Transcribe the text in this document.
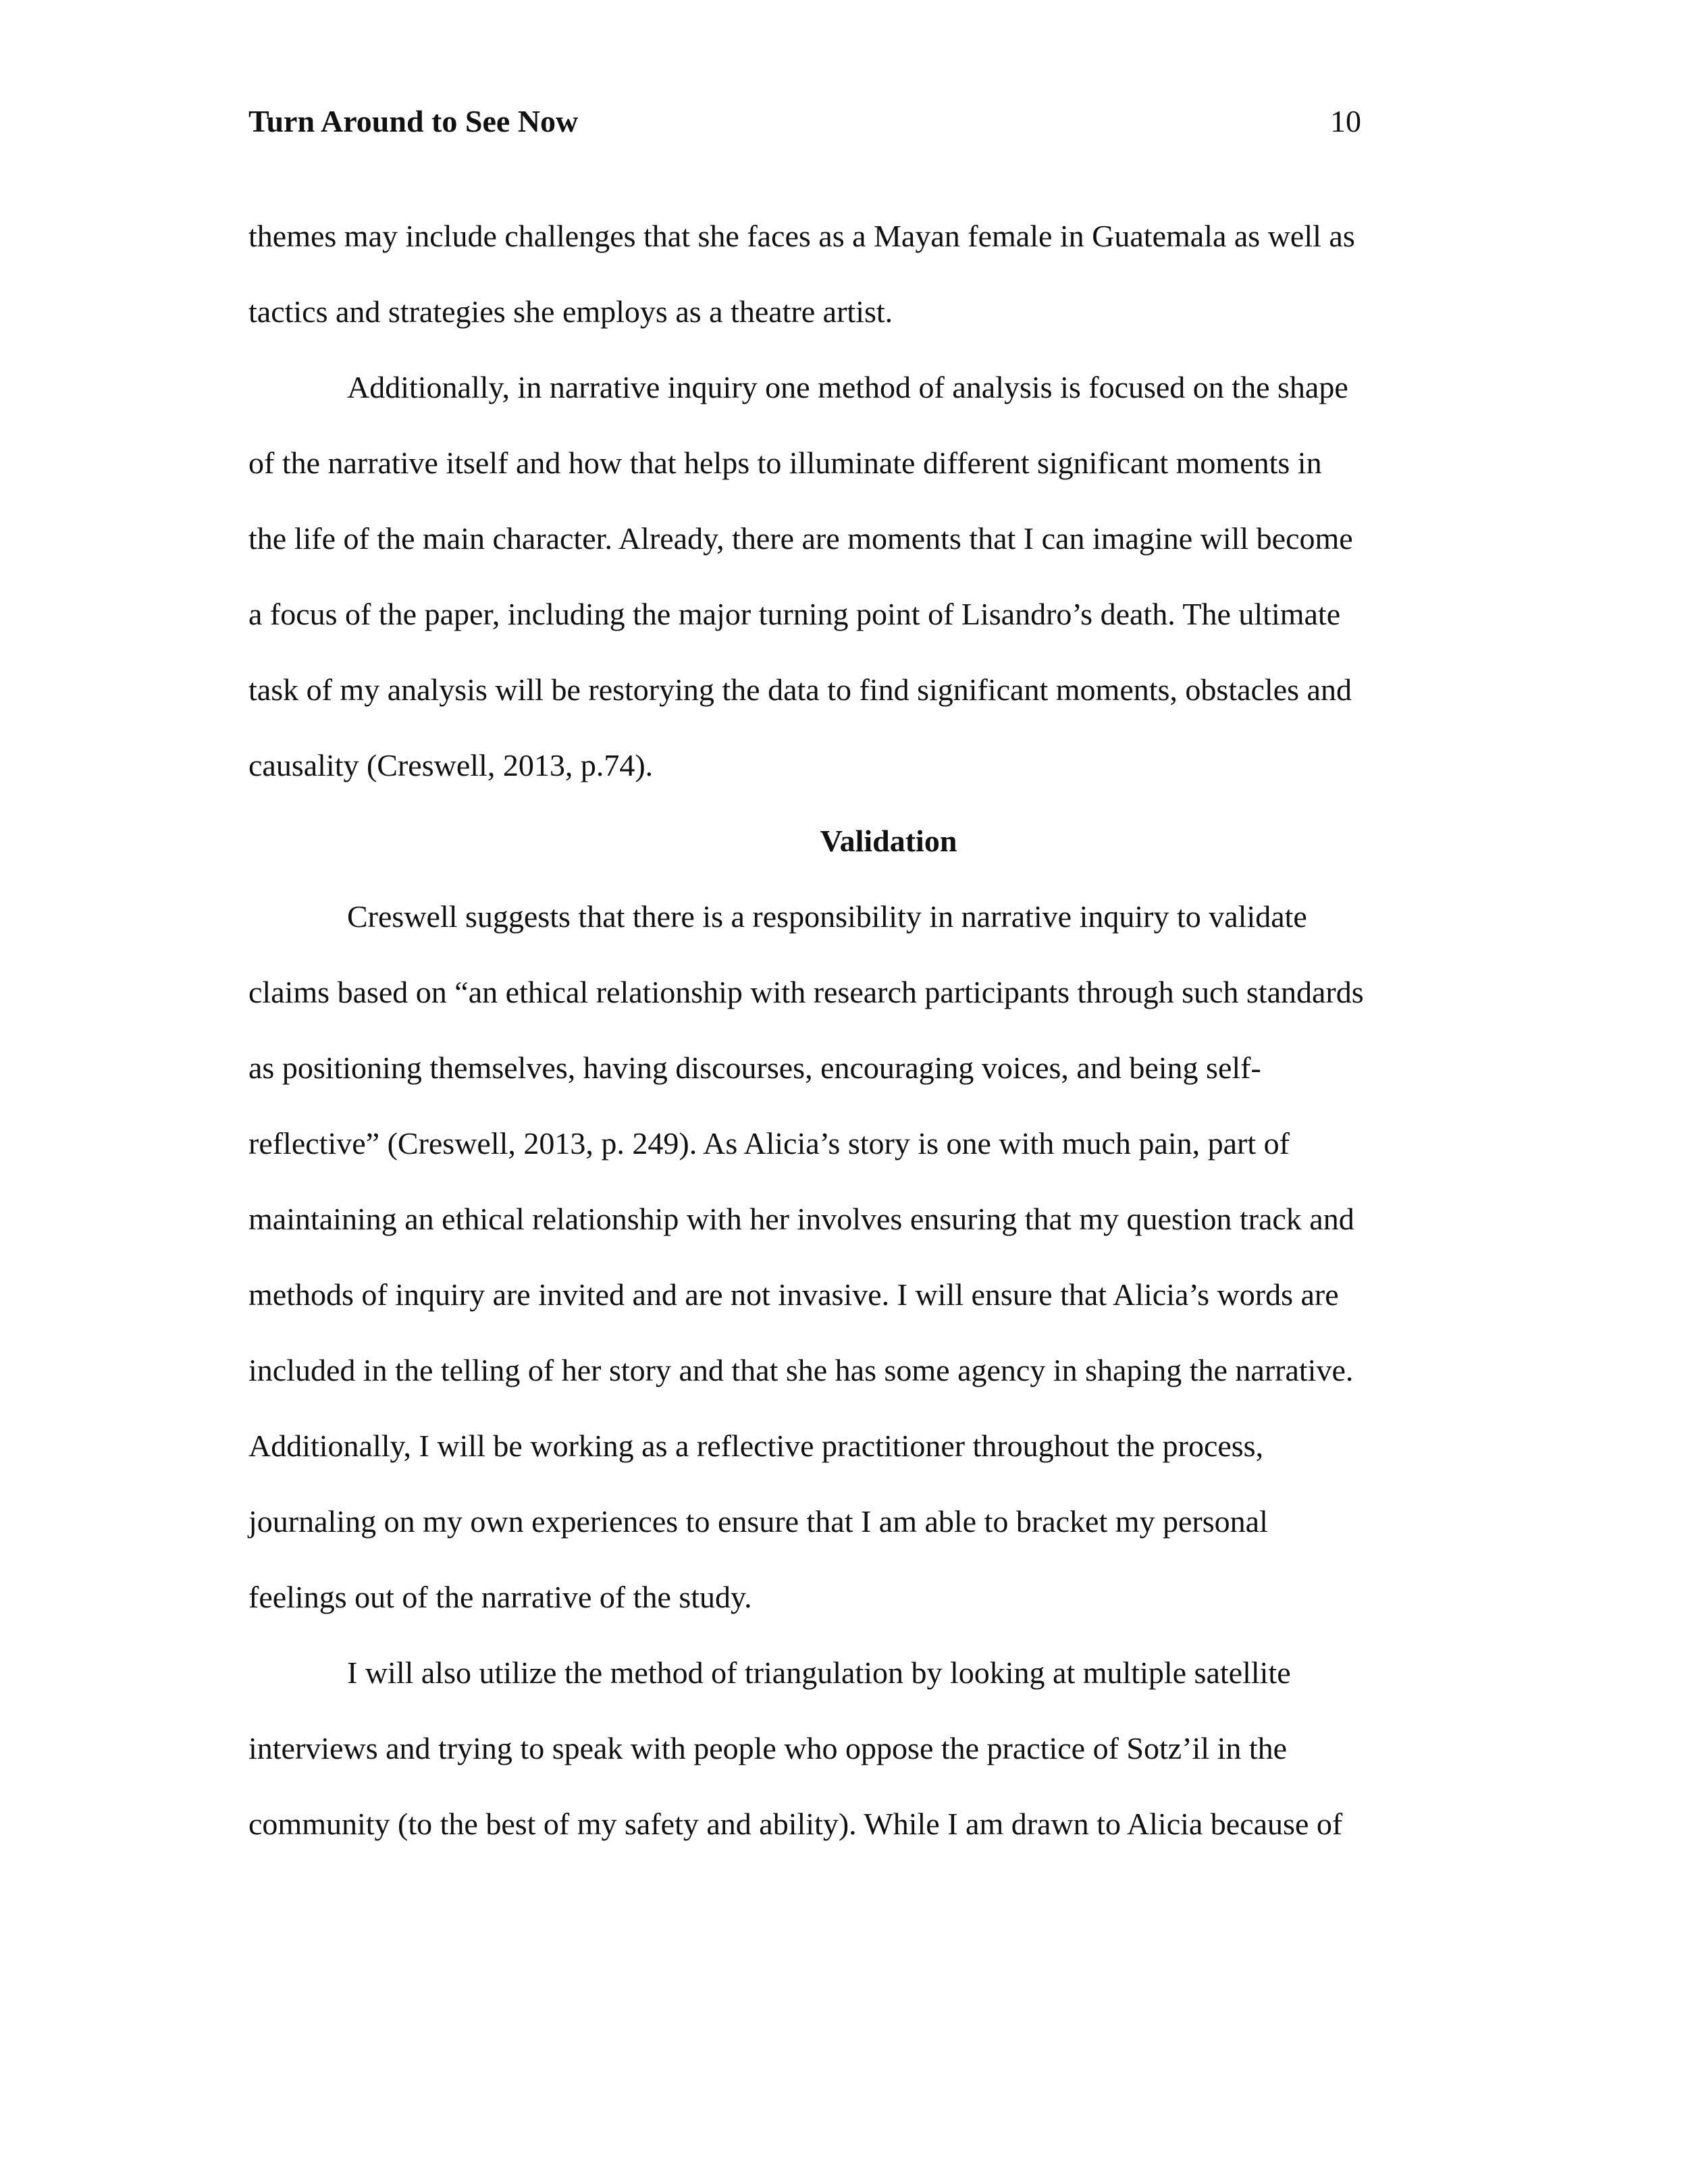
Turn Around to See Now	10
themes may include challenges that she faces as a Mayan female in Guatemala as well as
tactics and strategies she employs as a theatre artist.
Additionally, in narrative inquiry one method of analysis is focused on the shape
of the narrative itself and how that helps to illuminate different significant moments in
the life of the main character. Already, there are moments that I can imagine will become
a focus of the paper, including the major turning point of Lisandro’s death. The ultimate
task of my analysis will be restorying the data to find significant moments, obstacles and
causality (Creswell, 2013, p.74).
Validation
Creswell suggests that there is a responsibility in narrative inquiry to validate
claims based on “an ethical relationship with research participants through such standards
as positioning themselves, having discourses, encouraging voices, and being self-
reflective” (Creswell, 2013, p. 249). As Alicia’s story is one with much pain, part of
maintaining an ethical relationship with her involves ensuring that my question track and
methods of inquiry are invited and are not invasive. I will ensure that Alicia’s words are
included in the telling of her story and that she has some agency in shaping the narrative.
Additionally, I will be working as a reflective practitioner throughout the process,
journaling on my own experiences to ensure that I am able to bracket my personal
feelings out of the narrative of the study.
I will also utilize the method of triangulation by looking at multiple satellite
interviews and trying to speak with people who oppose the practice of Sotz’il in the
community (to the best of my safety and ability). While I am drawn to Alicia because of
